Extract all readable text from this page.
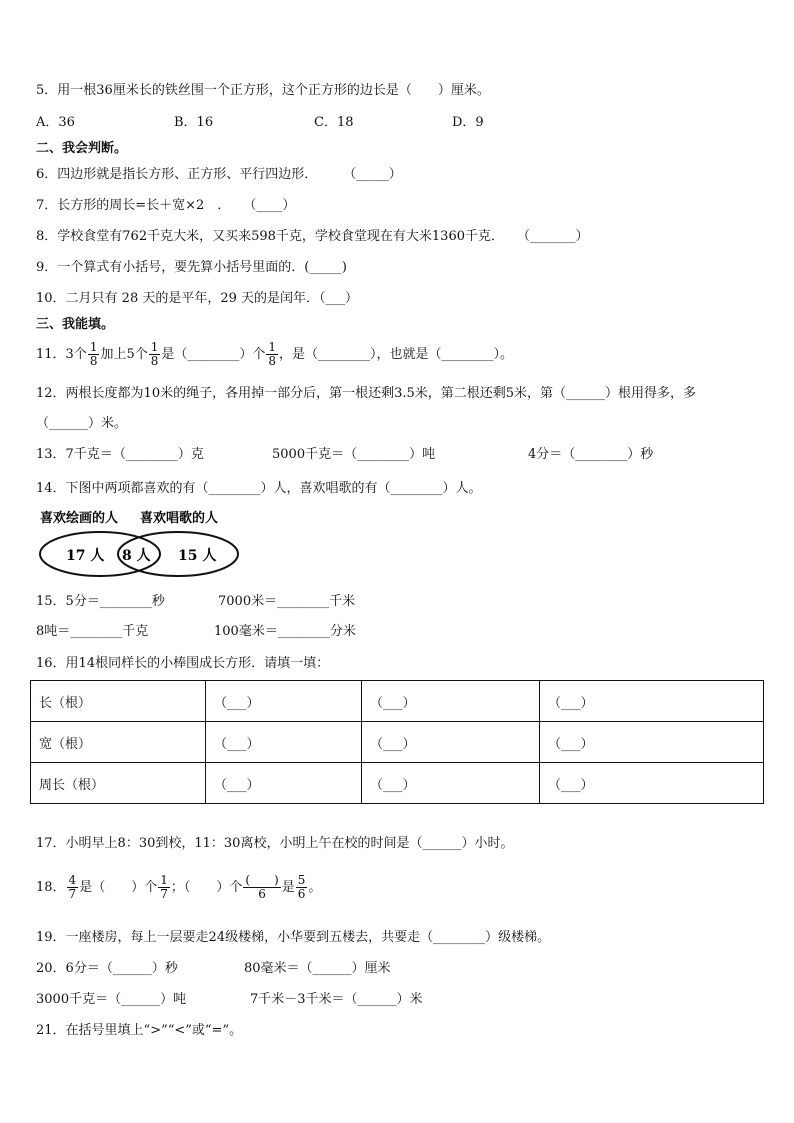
5．用一根36厘米长的铁丝围一个正方形，这个正方形的边长是（　　）厘米。
A．36	B．16	C．18	D．9
二、我会判断。
6．四边形就是指长方形、正方形、平行四边形．　　　（_____）
7．长方形的周长=长＋宽×2　．　　（____）
8．学校食堂有762千克大米，又买来598千克，学校食堂现在有大米1360千克．　　（_______）
9．一个算式有小括号，要先算小括号里面的．(_____)
10．二月只有 28 天的是平年，29 天的是闰年．（___）
三、我能填。
11．3个 $\frac{1}{8}$ 加上5个 $\frac{1}{8}$ 是（________）个 $\frac{1}{8}$ ，是（________），也就是（________）。
12．两根长度都为10米的绳子，各用掉一部分后，第一根还剩3.5米，第二根还剩5米，第（______）根用得多，多
（______）米。
13．7千克＝（________）克	5000千克＝（________）吨	4分＝（________）秒
14．下图中两项都喜欢的有（________）人，喜欢唱歌的有（________）人。
喜欢绘画的人 喜欢唱歌的人
17 人 8 人 15 人
15．5分＝________秒	7000米＝________千米
8吨＝________千克	100毫米＝________分米
16．用14根同样长的小棒围成长方形．请填一填：
长（根）	（___）	（___）	（___）
宽（根）	（___）	（___）	（___）
周长（根）	（___）	（___）	（___）
17．小明早上8：30到校，11：30离校，小明上午在校的时间是（______）小时。
18． $\frac{4}{7}$ 是（　　）个 $\frac{1}{7}$ ；（　　）个 (　　)
6 是 $\frac{5}{6}$ 。
19．一座楼房，每上一层要走24级楼梯，小华要到五楼去，共要走（________）级楼梯。
20．6分＝（______）秒	80毫米＝（______）厘米
3000千克＝（______）吨	7千米－3千米＝（______）米
21．在括号里填上“>”“<”或“=”。
